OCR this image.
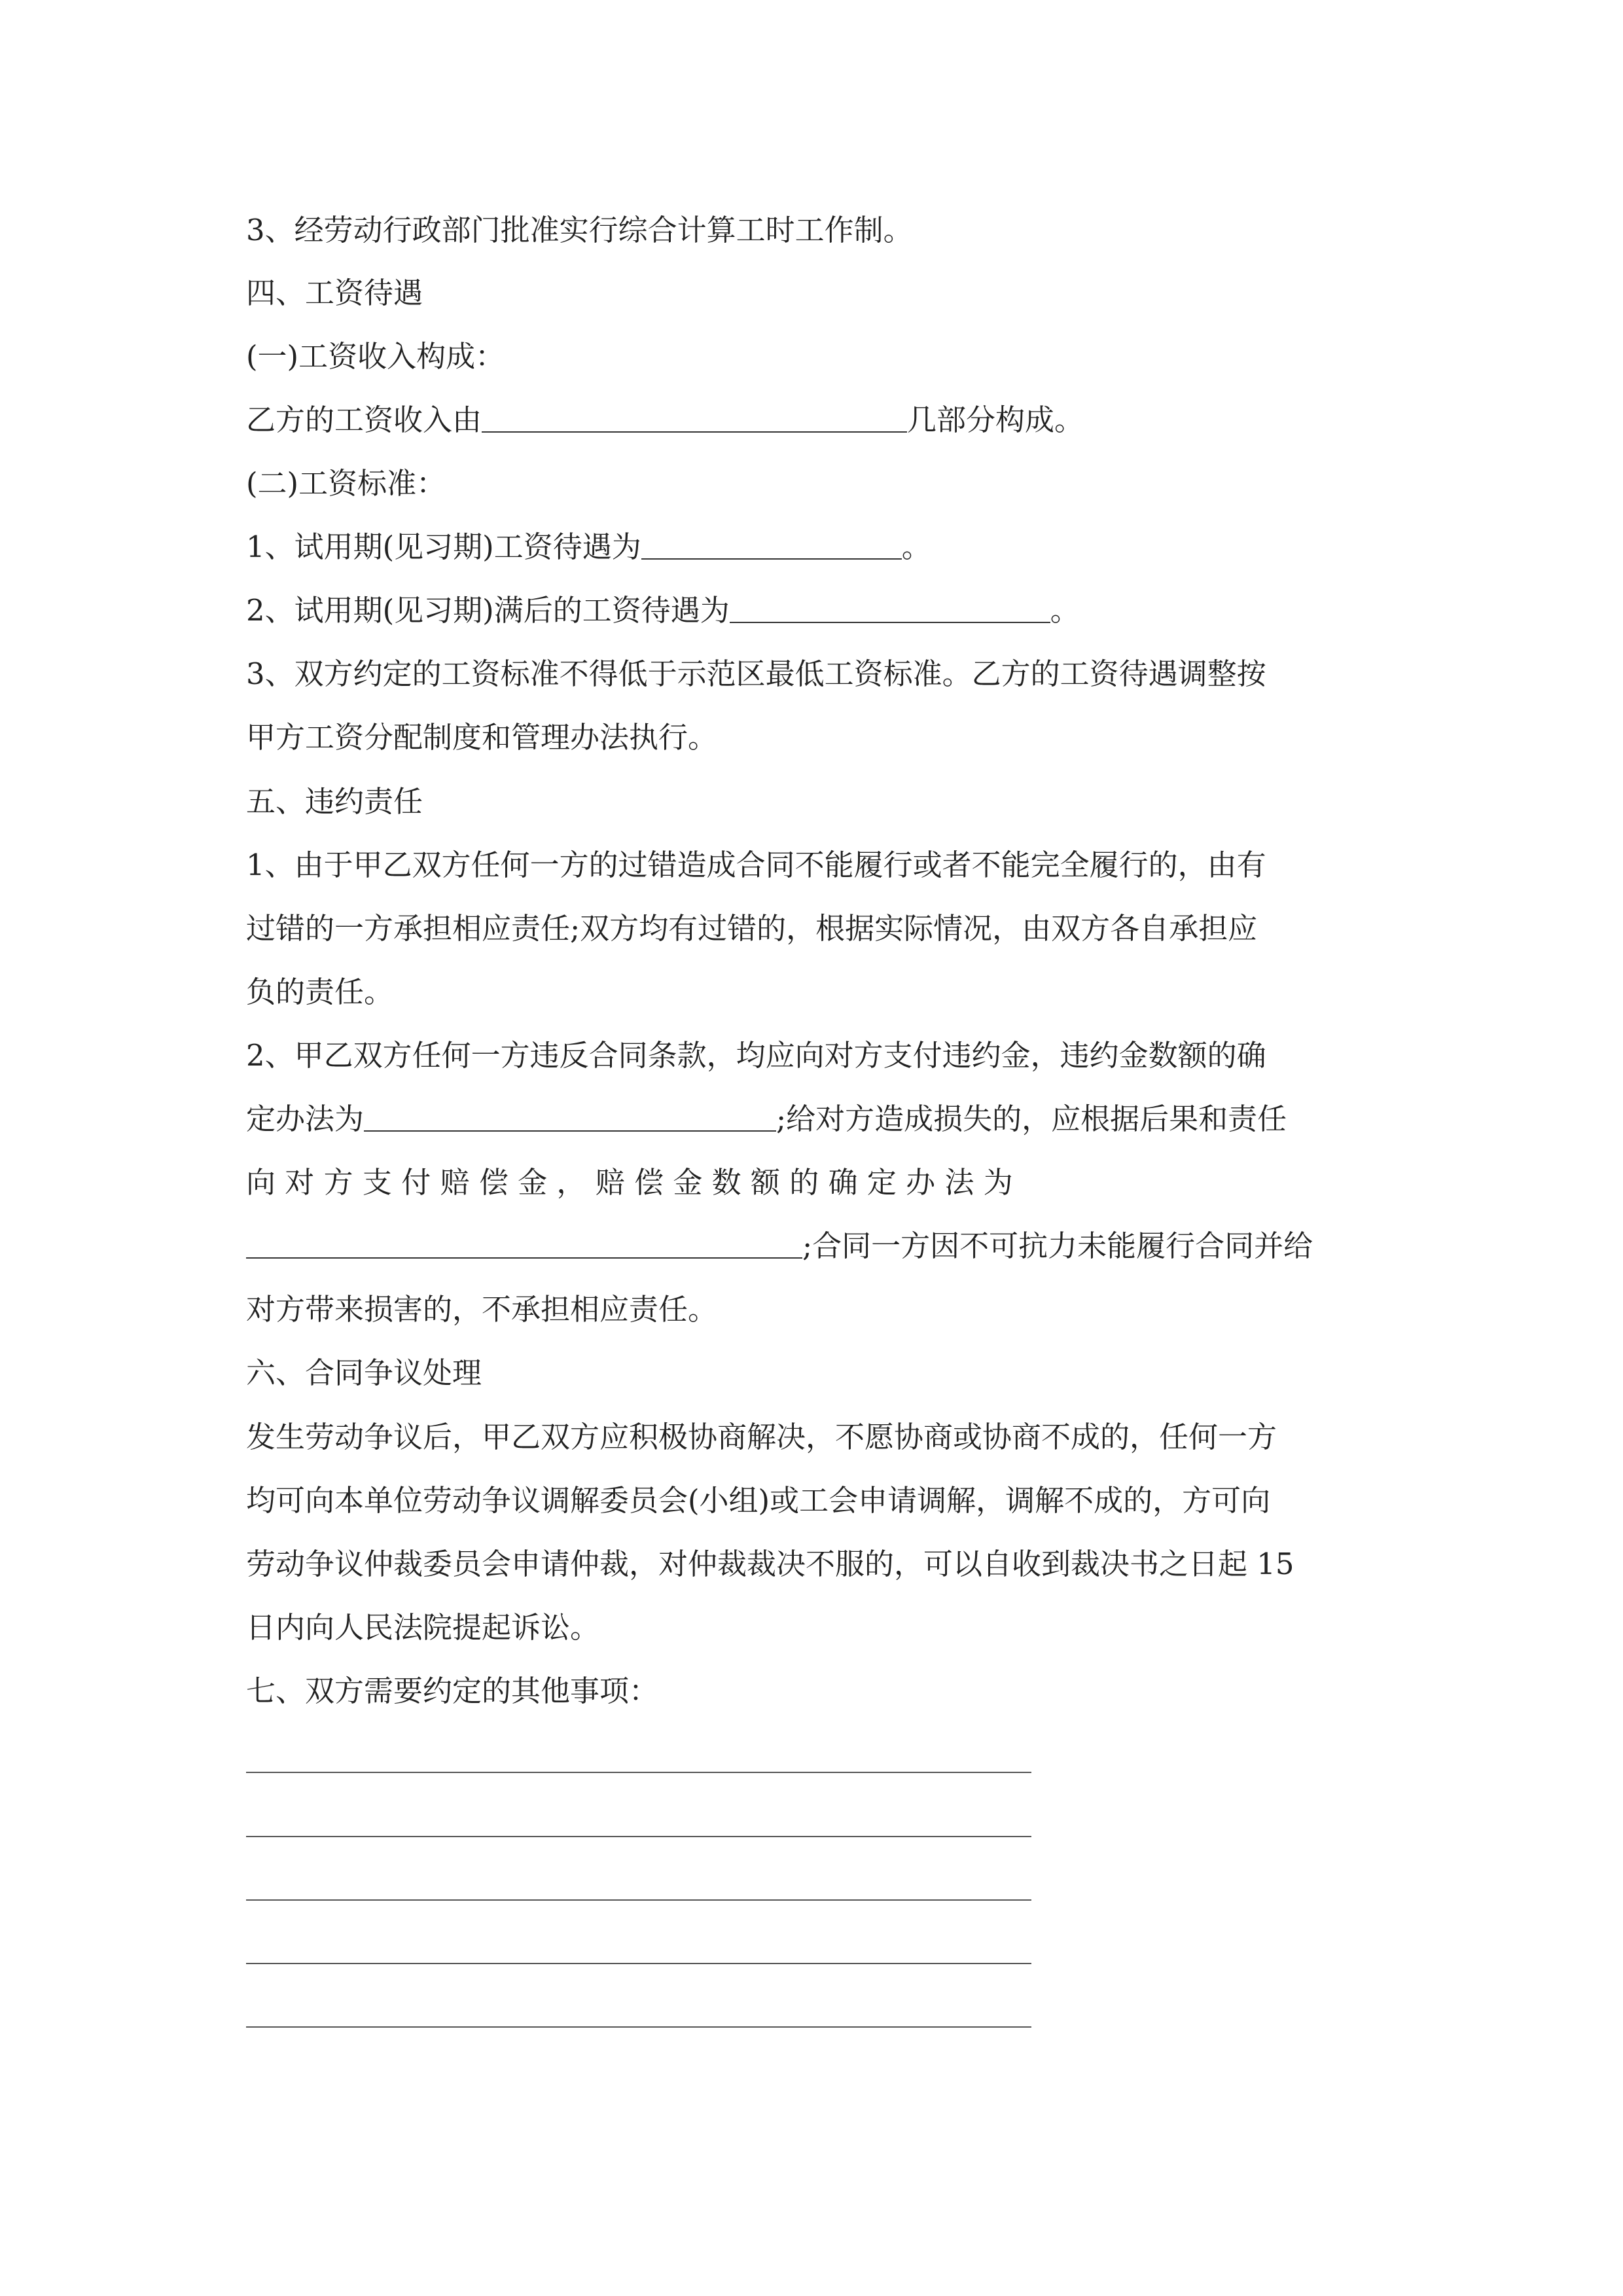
3、经劳动行政部门批准实行综合计算工时工作制。
四、工资待遇
(一)工资收入构成：
乙方的工资收入由	几部分构成。
(二)工资标准：
1、试用期(见习期)工资待遇为	。
2、试用期(见习期)满后的工资待遇为	。
3、双方约定的工资标准不得低于示范区最低工资标准。乙方的工资待遇调整按
甲方工资分配制度和管理办法执行。
五、违约责任
1、由于甲乙双方任何一方的过错造成合同不能履行或者不能完全履行的，由有
过错的一方承担相应责任;双方均有过错的，根据实际情况，由双方各自承担应
负的责任。
2、甲乙双方任何一方违反合同条款，均应向对方支付违约金，违约金数额的确
定办法为	;给对方造成损失的，应根据后果和责任
向 对 方 支 付 赔 偿 金 ， 赔 偿 金 数 额 的 确 定 办 法 为
;合同一方因不可抗力未能履行合同并给
对方带来损害的，不承担相应责任。
六、合同争议处理
发生劳动争议后，甲乙双方应积极协商解决，不愿协商或协商不成的，任何一方
均可向本单位劳动争议调解委员会(小组)或工会申请调解，调解不成的，方可向
劳动争议仲裁委员会申请仲裁，对仲裁裁决不服的，可以自收到裁决书之日起 15
日内向人民法院提起诉讼。
七、双方需要约定的其他事项：
